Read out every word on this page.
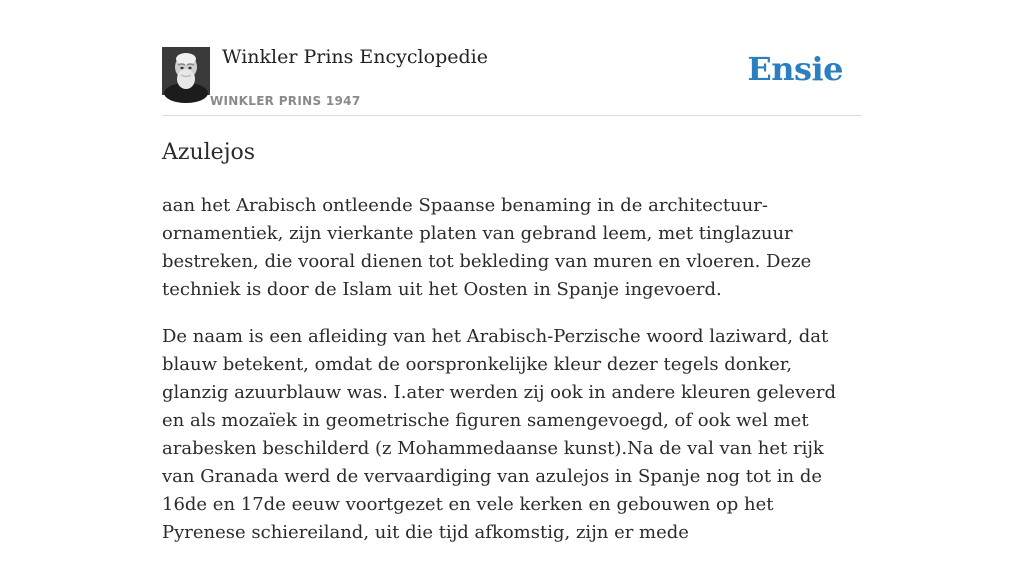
Winkler Prins Encyclopedie
WINKLER PRINS 1947
Ensie
Azulejos

aan het Arabisch ontleende Spaanse benaming in de architectuur-ornamentiek, zijn vierkante platen van gebrand leem, met tinglazuur bestreken, die vooral dienen tot bekleding van muren en vloeren. Deze techniek is door de Islam uit het Oosten in Spanje ingevoerd.

De naam is een afleiding van het Arabisch-Perzische woord laziward, dat blauw betekent, omdat de oorspronkelijke kleur dezer tegels donker, glanzig azuurblauw was. I.ater werden zij ook in andere kleuren geleverd en als mozaïek in geometrische figuren samengevoegd, of ook wel met arabesken beschilderd (z Mohammedaanse kunst).Na de val van het rijk van Granada werd de vervaardiging van azulejos in Spanje nog tot in de 16de en 17de eeuw voortgezet en vele kerken en gebouwen op het Pyrenese schiereiland, uit die tijd afkomstig, zijn er mede
